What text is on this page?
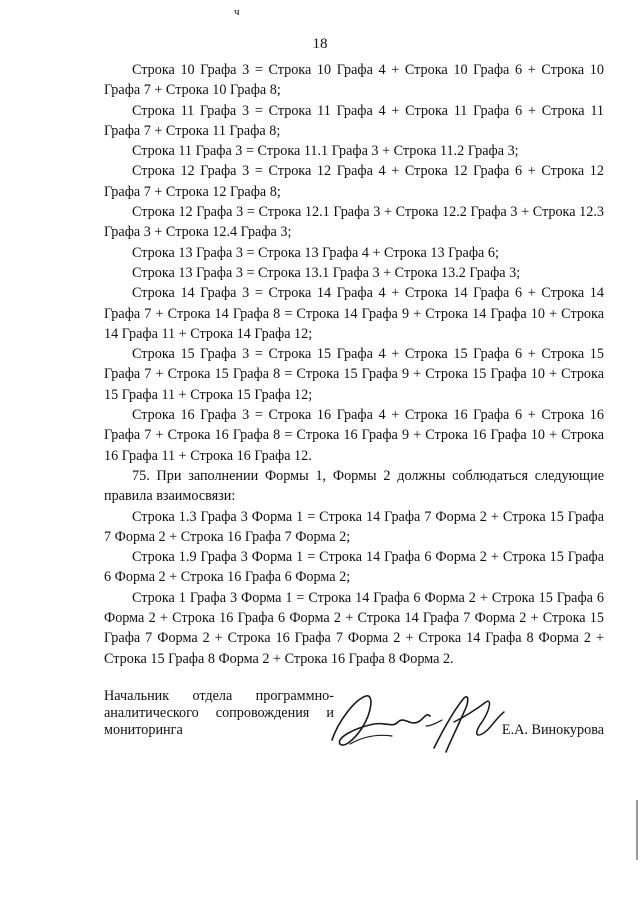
18
ч

Строка 10 Графа 3 = Строка 10 Графа 4 + Строка 10 Графа 6 + Строка 10 Графа 7 + Строка 10 Графа 8;

Строка 11 Графа 3 = Строка 11 Графа 4 + Строка 11 Графа 6 + Строка 11 Графа 7 + Строка 11 Графа 8;

Строка 11 Графа 3 = Строка 11.1 Графа 3 + Строка 11.2 Графа 3;

Строка 12 Графа 3 = Строка 12 Графа 4 + Строка 12 Графа 6 + Строка 12 Графа 7 + Строка 12 Графа 8;

Строка 12 Графа 3 = Строка 12.1 Графа 3 + Строка 12.2 Графа 3 + Строка 12.3 Графа 3 + Строка 12.4 Графа 3;

Строка 13 Графа 3 = Строка 13 Графа 4 + Строка 13 Графа 6;

Строка 13 Графа 3 = Строка 13.1 Графа 3 + Строка 13.2 Графа 3;

Строка 14 Графа 3 = Строка 14 Графа 4 + Строка 14 Графа 6 + Строка 14 Графа 7 + Строка 14 Графа 8 = Строка 14 Графа 9 + Строка 14 Графа 10 + Строка 14 Графа 11 + Строка 14 Графа 12;

Строка 15 Графа 3 = Строка 15 Графа 4 + Строка 15 Графа 6 + Строка 15 Графа 7 + Строка 15 Графа 8 = Строка 15 Графа 9 + Строка 15 Графа 10 + Строка 15 Графа 11 + Строка 15 Графа 12;

Строка 16 Графа 3 = Строка 16 Графа 4 + Строка 16 Графа 6 + Строка 16 Графа 7 + Строка 16 Графа 8 = Строка 16 Графа 9 + Строка 16 Графа 10 + Строка 16 Графа 11 + Строка 16 Графа 12.

75. При заполнении Формы 1, Формы 2 должны соблюдаться следующие правила взаимосвязи:

Строка 1.3 Графа 3 Форма 1 = Строка 14 Графа 7 Форма 2 + Строка 15 Графа 7 Форма 2 + Строка 16 Графа 7 Форма 2;

Строка 1.9 Графа 3 Форма 1 = Строка 14 Графа 6 Форма 2 + Строка 15 Графа 6 Форма 2 + Строка 16 Графа 6 Форма 2;

Строка 1 Графа 3 Форма 1 = Строка 14 Графа 6 Форма 2 + Строка 15 Графа 6 Форма 2 + Строка 16 Графа 6 Форма 2 + Строка 14 Графа 7 Форма 2 + Строка 15 Графа 7 Форма 2 + Строка 16 Графа 7 Форма 2 + Строка 14 Графа 8 Форма 2 + Строка 15 Графа 8 Форма 2 + Строка 16 Графа 8 Форма 2.

Начальник отдела программно-
аналитического сопровождения и
мониторинга	Е.А. Винокурова
